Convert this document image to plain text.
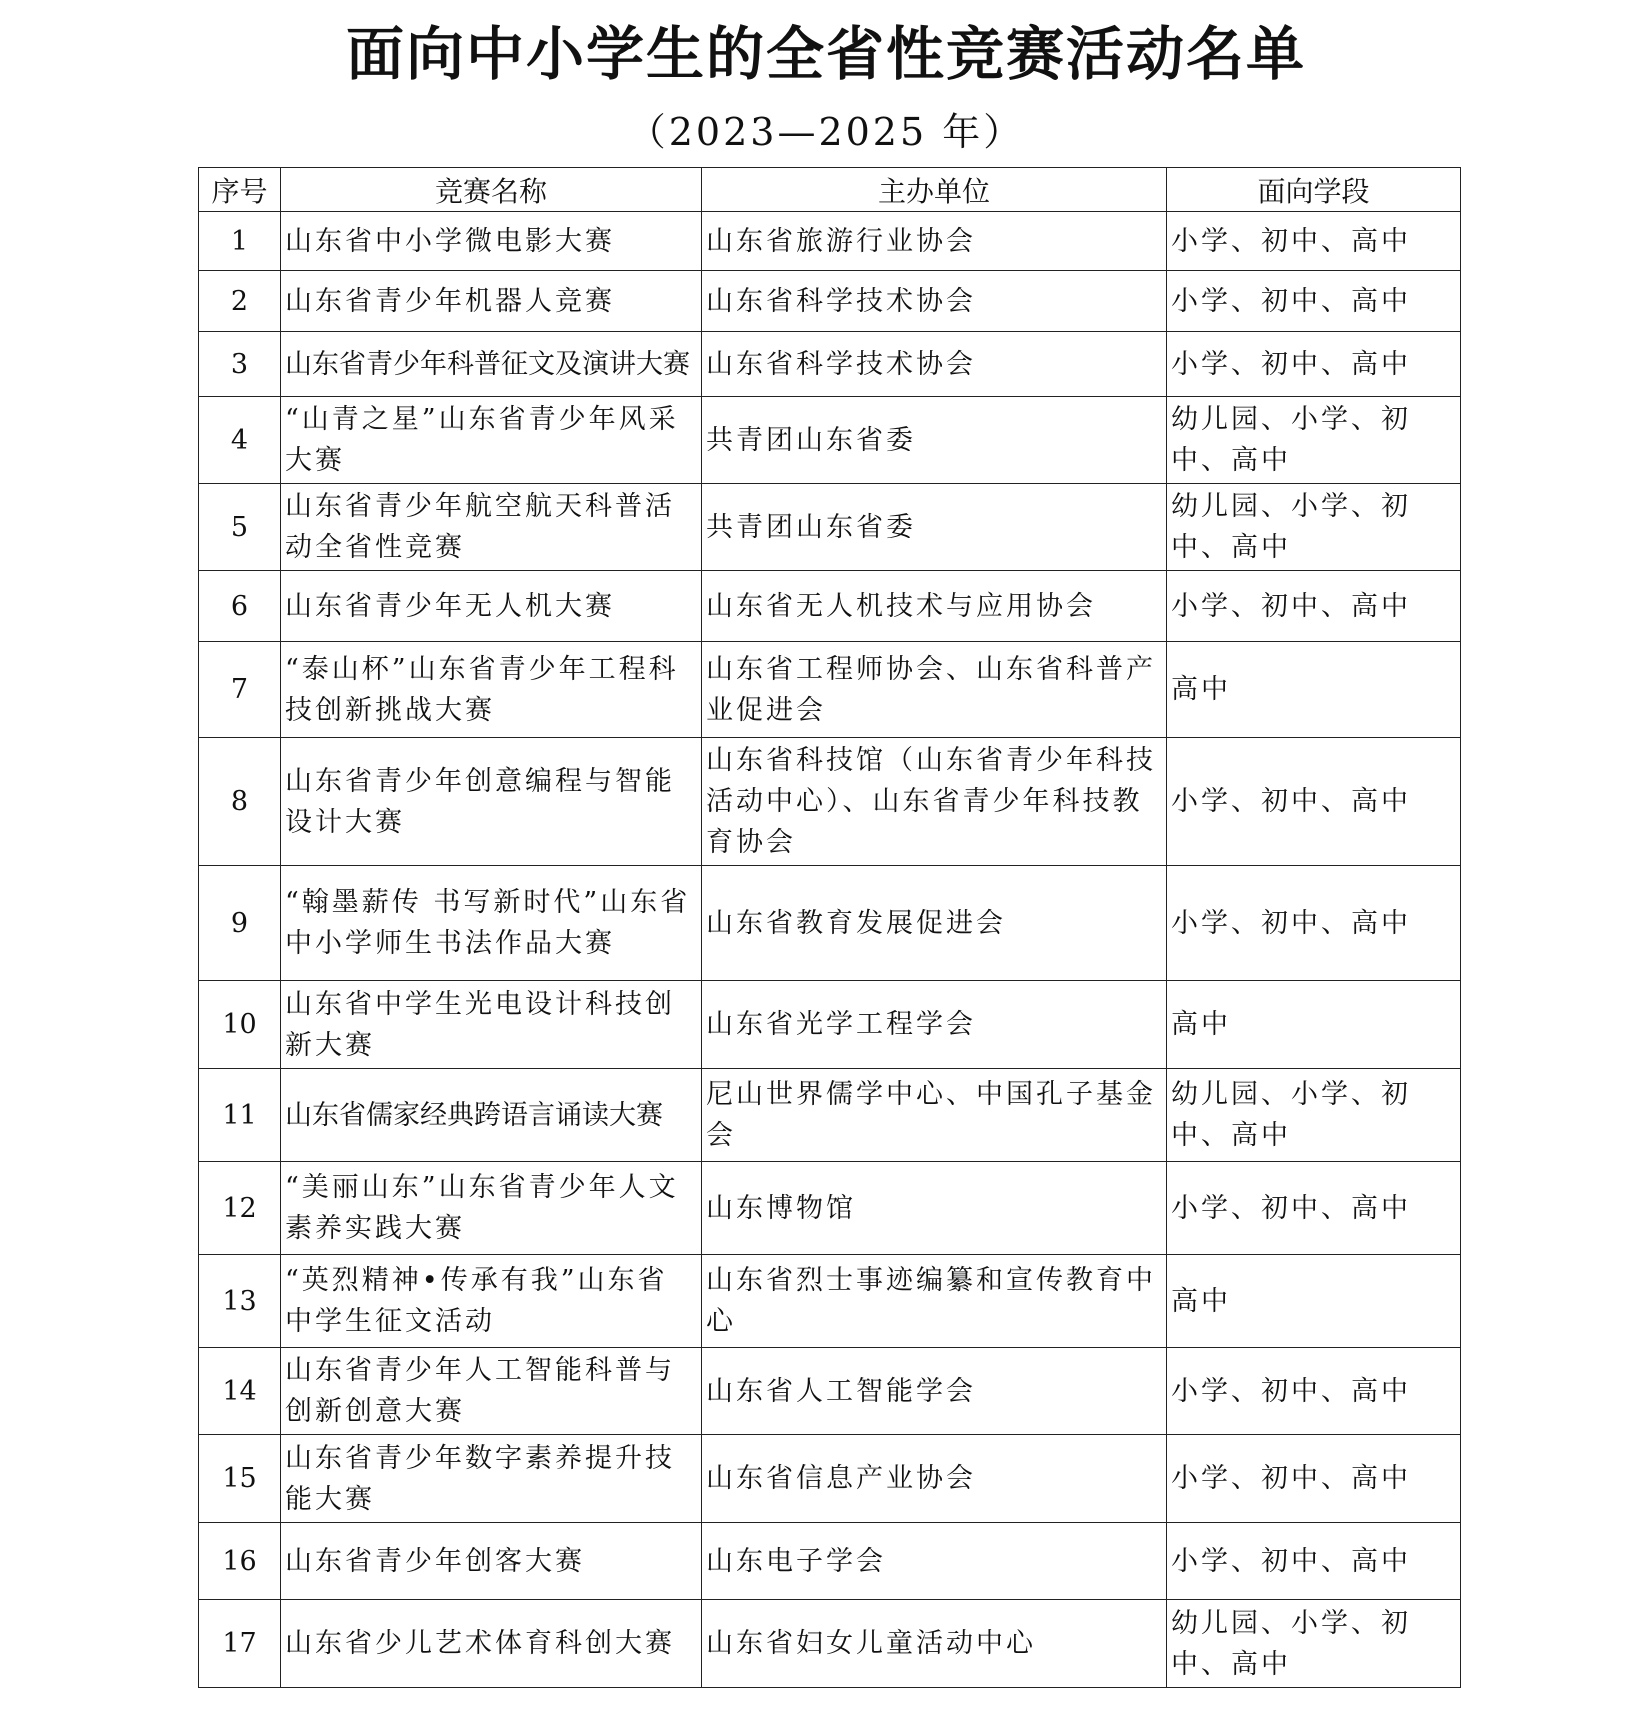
面向中小学生的全省性竞赛活动名单
（2023—2025 年）
序号	竞赛名称	主办单位	面向学段
1	山东省中小学微电影大赛	山东省旅游行业协会	小学、初中、高中
2	山东省青少年机器人竞赛	山东省科学技术协会	小学、初中、高中
3	山东省青少年科普征文及演讲大赛	山东省科学技术协会	小学、初中、高中
4	“山青之星”山东省青少年风采大赛	共青团山东省委	幼儿园、小学、初中、高中
5	山东省青少年航空航天科普活动全省性竞赛	共青团山东省委	幼儿园、小学、初中、高中
6	山东省青少年无人机大赛	山东省无人机技术与应用协会	小学、初中、高中
7	“泰山杯”山东省青少年工程科技创新挑战大赛	山东省工程师协会、山东省科普产业促进会	高中
8	山东省青少年创意编程与智能设计大赛	山东省科技馆（山东省青少年科技活动中心）、山东省青少年科技教育协会	小学、初中、高中
9	“翰墨薪传 书写新时代”山东省中小学师生书法作品大赛	山东省教育发展促进会	小学、初中、高中
10	山东省中学生光电设计科技创新大赛	山东省光学工程学会	高中
11	山东省儒家经典跨语言诵读大赛	尼山世界儒学中心、中国孔子基金会	幼儿园、小学、初中、高中
12	“美丽山东”山东省青少年人文素养实践大赛	山东博物馆	小学、初中、高中
13	“英烈精神•传承有我”山东省中学生征文活动	山东省烈士事迹编纂和宣传教育中心	高中
14	山东省青少年人工智能科普与创新创意大赛	山东省人工智能学会	小学、初中、高中
15	山东省青少年数字素养提升技能大赛	山东省信息产业协会	小学、初中、高中
16	山东省青少年创客大赛	山东电子学会	小学、初中、高中
17	山东省少儿艺术体育科创大赛	山东省妇女儿童活动中心	幼儿园、小学、初中、高中
